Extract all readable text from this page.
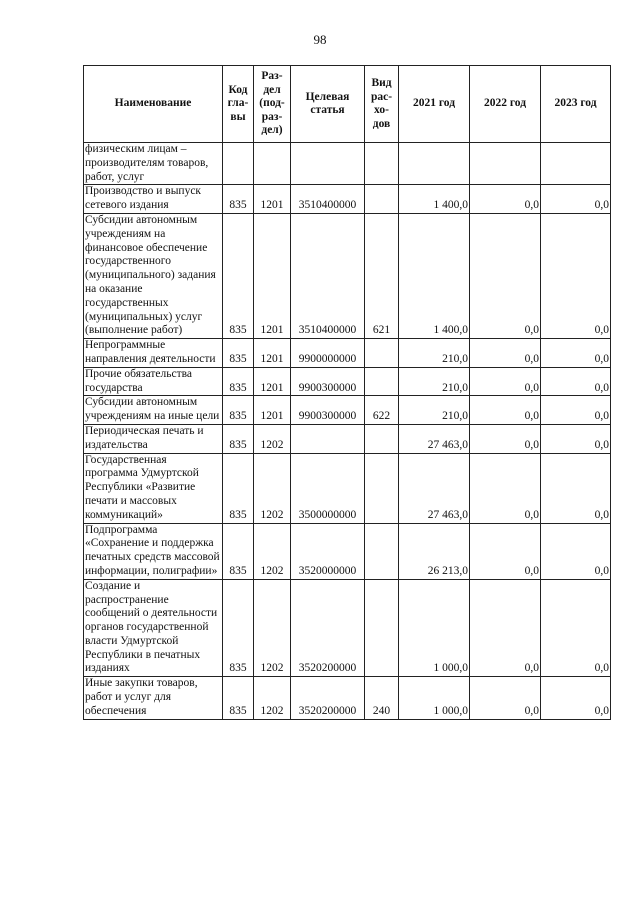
98
Наименование	Код гла-вы	Раз-дел (под-раз-дел)	Целевая статья	Вид рас-хо-дов	2021 год	2022 год	2023 год
физическим лицам – производителям товаров, работ, услуг							
Производство и выпуск сетевого издания	835	1201	3510400000		1 400,0	0,0	0,0
Субсидии автономным учреждениям на финансовое обеспечение государственного (муниципального) задания на оказание государственных (муниципальных) услуг (выполнение работ)	835	1201	3510400000	621	1 400,0	0,0	0,0
Непрограммные направления деятельности	835	1201	9900000000		210,0	0,0	0,0
Прочие обязательства государства	835	1201	9900300000		210,0	0,0	0,0
Субсидии автономным учреждениям на иные цели	835	1201	9900300000	622	210,0	0,0	0,0
Периодическая печать и издательства	835	1202			27 463,0	0,0	0,0
Государственная программа Удмуртской Республики «Развитие печати и массовых коммуникаций»	835	1202	3500000000		27 463,0	0,0	0,0
Подпрограмма «Сохранение и поддержка печатных средств массовой информации, полиграфии»	835	1202	3520000000		26 213,0	0,0	0,0
Создание и распространение сообщений о деятельности органов государственной власти Удмуртской Республики в печатных изданиях	835	1202	3520200000		1 000,0	0,0	0,0
Иные закупки товаров, работ и услуг для обеспечения	835	1202	3520200000	240	1 000,0	0,0	0,0
